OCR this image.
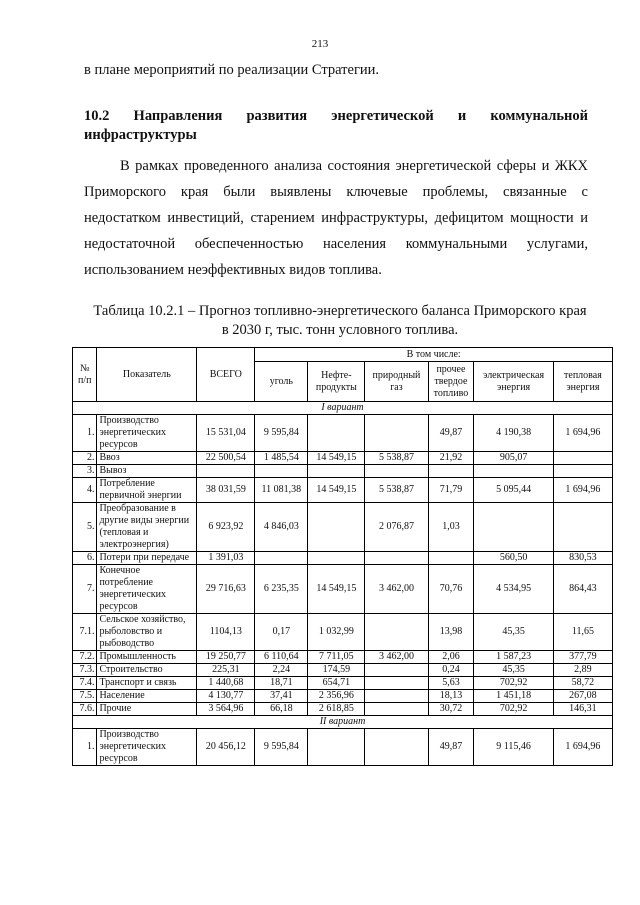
213
в плане мероприятий по реализации Стратегии.
10.2 Направления развития энергетической и коммунальной
инфраструктуры
В рамках проведенного анализа состояния энергетической сферы и ЖКХ
Приморского края были выявлены ключевые проблемы, связанные с
недостатком инвестиций, старением инфраструктуры, дефицитом мощности и
недостаточной обеспеченностью населения коммунальными услугами,
использованием неэффективных видов топлива.
Таблица 10.2.1 – Прогноз топливно-энергетического баланса Приморского края
в 2030 г, тыс. тонн условного топлива.
№ п/п	Показатель	ВСЕГО	В том числе:					
			уголь	Нефте-продукты	природный газ	прочее твердое топливо	электрическая энергия	тепловая энергия
I вариант								
1.	Производство энергетических ресурсов	15 531,04	9 595,84			49,87	4 190,38	1 694,96
2.	Ввоз	22 500,54	1 485,54	14 549,15	5 538,87	21,92	905,07	
3.	Вывоз							
4.	Потребление первичной энергии	38 031,59	11 081,38	14 549,15	5 538,87	71,79	5 095,44	1 694,96
5.	Преобразование в другие виды энергии (тепловая и электроэнергия)	6 923,92	4 846,03		2 076,87	1,03		
6.	Потери при передаче	1 391,03					560,50	830,53
7.	Конечное потребление энергетических ресурсов	29 716,63	6 235,35	14 549,15	3 462,00	70,76	4 534,95	864,43
7.1.	Сельское хозяйство, рыболовство и рыбоводство	1104,13	0,17	1 032,99		13,98	45,35	11,65
7.2.	Промышленность	19 250,77	6 110,64	7 711,05	3 462,00	2,06	1 587,23	377,79
7.3.	Строительство	225,31	2,24	174,59		0,24	45,35	2,89
7.4.	Транспорт и связь	1 440,68	18,71	654,71		5,63	702,92	58,72
7.5.	Население	4 130,77	37,41	2 356,96		18,13	1 451,18	267,08
7.6.	Прочие	3 564,96	66,18	2 618,85		30,72	702,92	146,31
II вариант								
1.	Производство энергетических ресурсов	20 456,12	9 595,84			49,87	9 115,46	1 694,96
